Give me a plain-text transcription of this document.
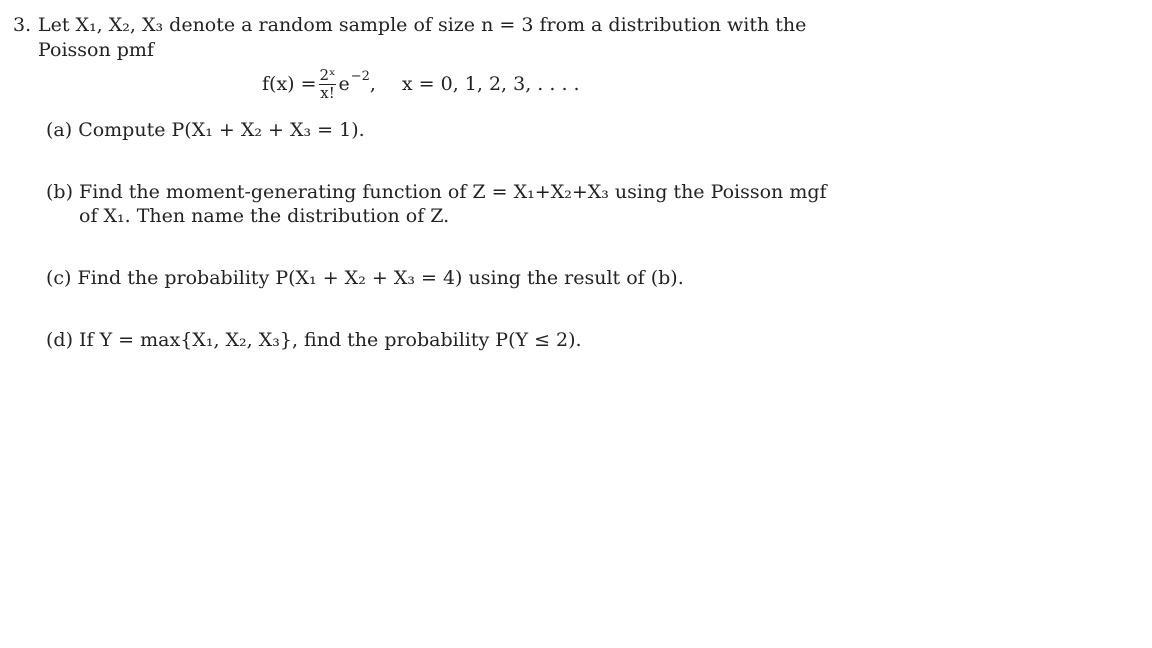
3. Let X₁, X₂, X₃ denote a random sample of size n = 3 from a distribution with the
Poisson pmf
$f(x) = \frac{\text{2ˣ}}{x!}$ e −2 , x = 0, 1, 2, 3, . . . .
(a) Compute P(X₁ + X₂ + X₃ = 1).
(b) Find the moment-generating function of Z = X₁+X₂+X₃ using the Poisson mgf
of X₁. Then name the distribution of Z.
(c) Find the probability P(X₁ + X₂ + X₃ = 4) using the result of (b).
(d) If Y = max{X₁, X₂, X₃}, find the probability P(Y ≤ 2).
